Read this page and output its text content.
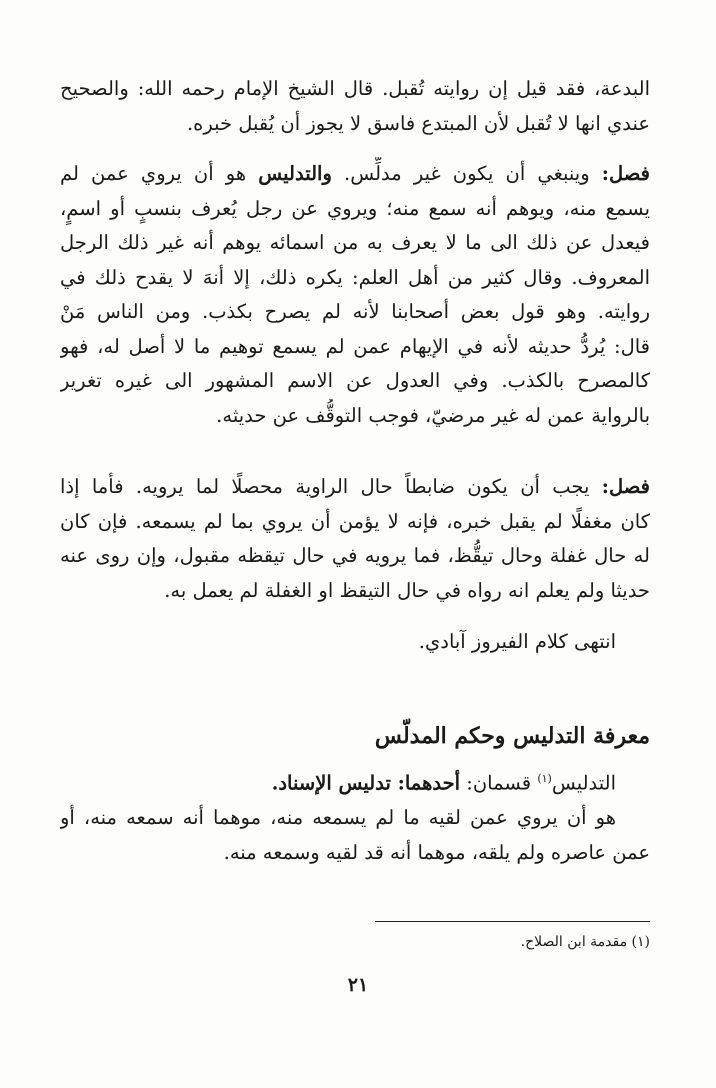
البدعة، فقد قيل إن روايته تُقبل. قال الشيخ الإمام رحمه الله: والصحيح
عندي انها لا تُقبل لأن المبتدع فاسق لا يجوز أن يُقبل خبره.
فصل: وينبغي أن يكون غير مدلِّس. والتدليس هو أن يروي عمن لم
يسمع منه، ويوهم أنه سمع منه؛ ويروي عن رجل يُعرف بنسبٍ أو اسمٍ،
فيعدل عن ذلك الى ما لا يعرف به من اسمائه يوهم أنه غير ذلك الرجل
المعروف. وقال كثير من أهل العلم: يكره ذلك، إلا أنهَ لا يقدح ذلك في
روايته. وهو قول بعض أصحابنا لأنه لم يصرح بكذب. ومن الناس مَنْ
قال: يُردُّ حديثه لأنه في الإيهام عمن لم يسمع توهيم ما لا أصل له، فهو
كالمصرح بالكذب. وفي العدول عن الاسم المشهور الى غيره تغرير
بالرواية عمن له غير مرضيّ، فوجب التوقُّف عن حديثه.
فصل: يجب أن يكون ضابطاً حال الراوية محصلًا لما يرويه. فأما إذا
كان مغفلًا لم يقبل خبره، فإنه لا يؤمن أن يروي بما لم يسمعه. فإن كان
له حال غفلة وحال تيقُّظ، فما يرويه في حال تيقظه مقبول، وإن روى عنه
حديثا ولم يعلم انه رواه في حال التيقظ او الغفلة لم يعمل به.
انتهى كلام الفيروز آبادي.
معرفة التدليس وحكم المدلّس
التدليس$^{(١)}$ قسمان: أحدهما: تدليس الإسناد.
هو أن يروي عمن لقيه ما لم يسمعه منه، موهما أنه سمعه منه، أو
عمن عاصره ولم يلقه، موهما أنه قد لقيه وسمعه منه.
(١) مقدمة ابن الصلاح.
٢١
